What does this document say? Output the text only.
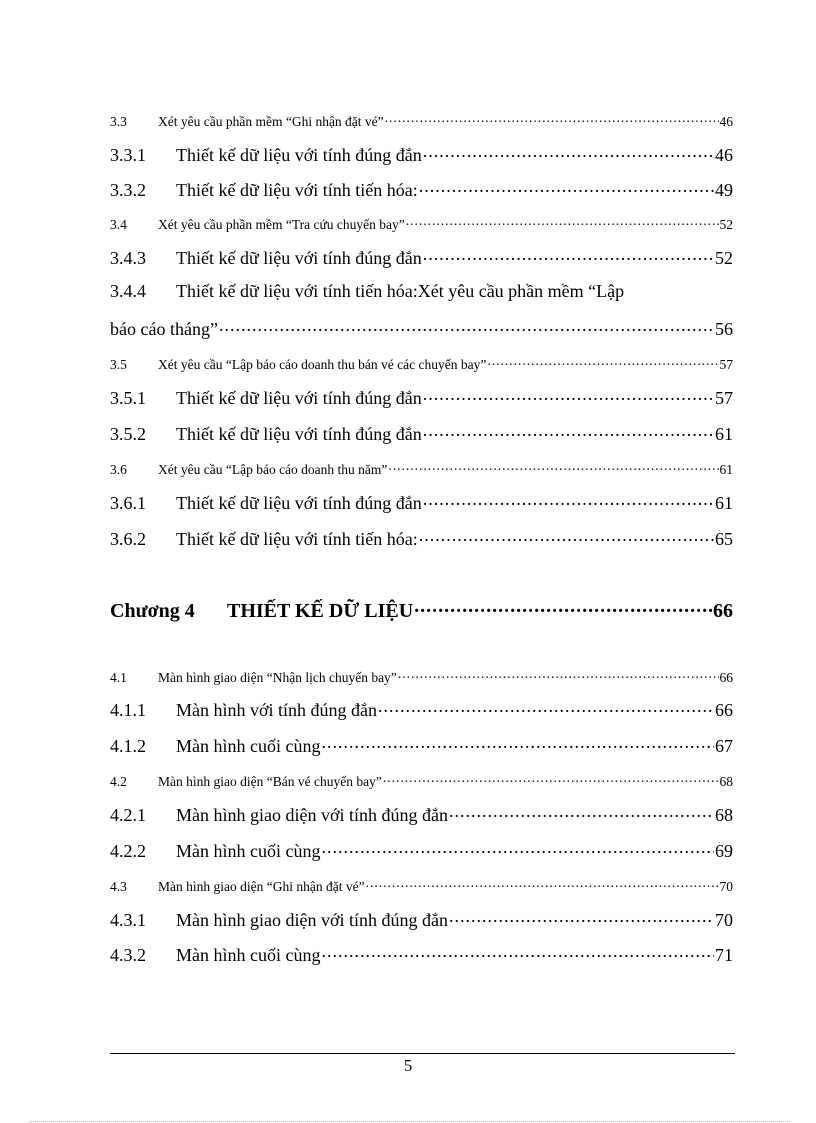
3.3	Xét yêu cầu phần mềm “Ghi nhận đặt vé” .....	46
3.3.1	Thiết kế dữ liệu với tính đúng đắn .....	46
3.3.2	Thiết kế dữ liệu với tính tiến hóa: .....	49
3.4	Xét yêu cầu phần mềm “Tra cứu chuyến bay” .....	52
3.4.3	Thiết kế dữ liệu với tính đúng đắn .....	52
3.4.4 Thiết kế dữ liệu với tính tiến hóa:Xét yêu cầu phần mềm “Lập
báo cáo tháng” .....	56
3.5	Xét yêu cầu “Lập báo cáo doanh thu bán vé các chuyến bay” .....	57
3.5.1	Thiết kế dữ liệu với tính đúng đắn .....	57
3.5.2	Thiết kế dữ liệu với tính đúng đắn .....	61
3.6	Xét yêu cầu “Lập báo cáo doanh thu năm” .....	61
3.6.1	Thiết kế dữ liệu với tính đúng đắn .....	61
3.6.2	Thiết kế dữ liệu với tính tiến hóa: .....	65
Chương 4	THIẾT KẾ DỮ LIỆU .....	66
4.1	Màn hình giao diện “Nhận lịch chuyến bay” .....	66
4.1.1	Màn hình với tính đúng đắn .....	66
4.1.2	Màn hình cuối cùng .....	67
4.2	Màn hình giao diện “Bán vé chuyến bay” .....	68
4.2.1	Màn hình giao diện với tính đúng đắn .....	68
4.2.2	Màn hình cuối cùng .....	69
4.3	Màn hình giao diện “Ghi nhận đặt vé” .....	70
4.3.1	Màn hình giao diện với tính đúng đắn .....	70
4.3.2	Màn hình cuối cùng .....	71
5
